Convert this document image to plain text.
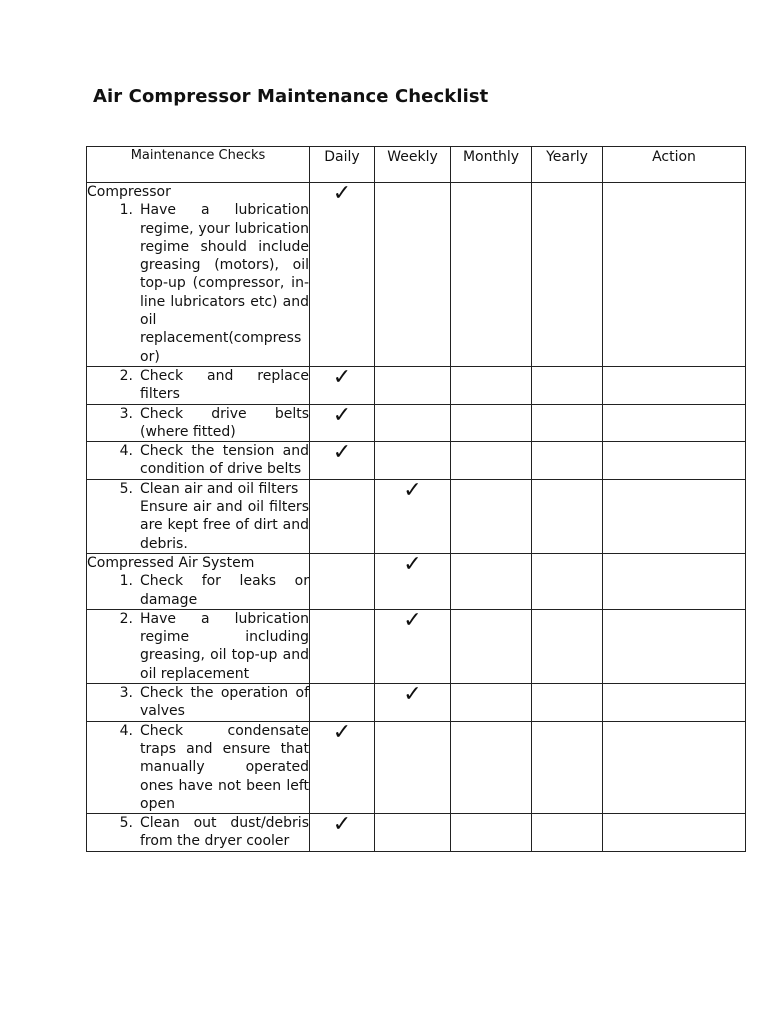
Air Compressor Maintenance Checklist
Maintenance Checks	Daily	Weekly	Monthly	Yearly	Action

Compressor
1. Have a lubrication regime, your lubrication regime should include greasing (motors), oil top-up (compressor, in-line lubricators etc) and oil replacement(compressor)	✓				

2. Check and replace filters	✓				

3. Check drive belts (where fitted)	✓				

4. Check the tension and condition of drive belts	✓				

5. Clean air and oil filters
Ensure air and oil filters are kept free of dirt and debris.		✓			

Compressed Air System
1. Check for leaks or damage		✓			

2. Have a lubrication regime including greasing, oil top-up and oil replacement		✓			

3. Check the operation of valves		✓			

4. Check condensate traps and ensure that manually operated ones have not been left open	✓				

5. Clean out dust/debris from the dryer cooler	✓				
